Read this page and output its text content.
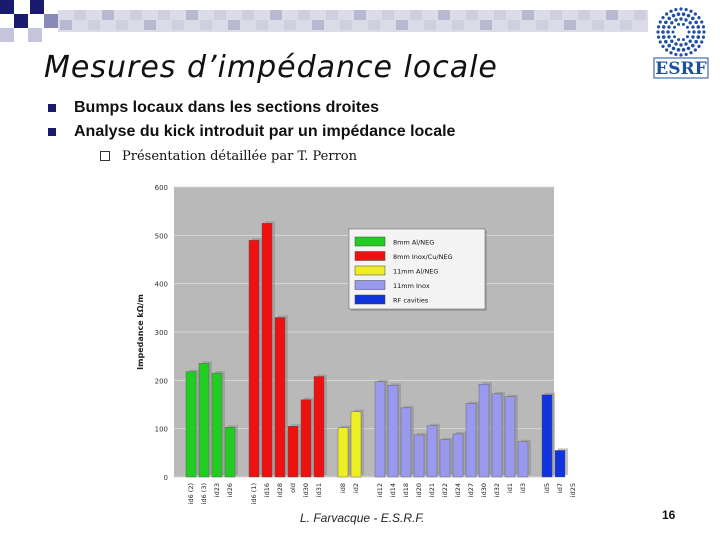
Mesures d’impédance locale	ESRF
Bumps locaux dans les sections droites
Analyse du kick introduit par un impédance locale
Présentation détaillée par T. Perron
0
100
200
300
400
500
600
Impedance kΩ/m
id6 (2) id6 (3) id23 id26 id6 (1) id16 id28 old id30 id31 id8 id2 id12 id14 id18 id20 id21 id22 id24 id27 id30 id32 id1 id3 id5 id7 id25
8mm Al/NEG
8mm Inox/Cu/NEG
11mm Al/NEG
11mm Inox
RF cavities
L. Farvacque - E.S.R.F.	16
